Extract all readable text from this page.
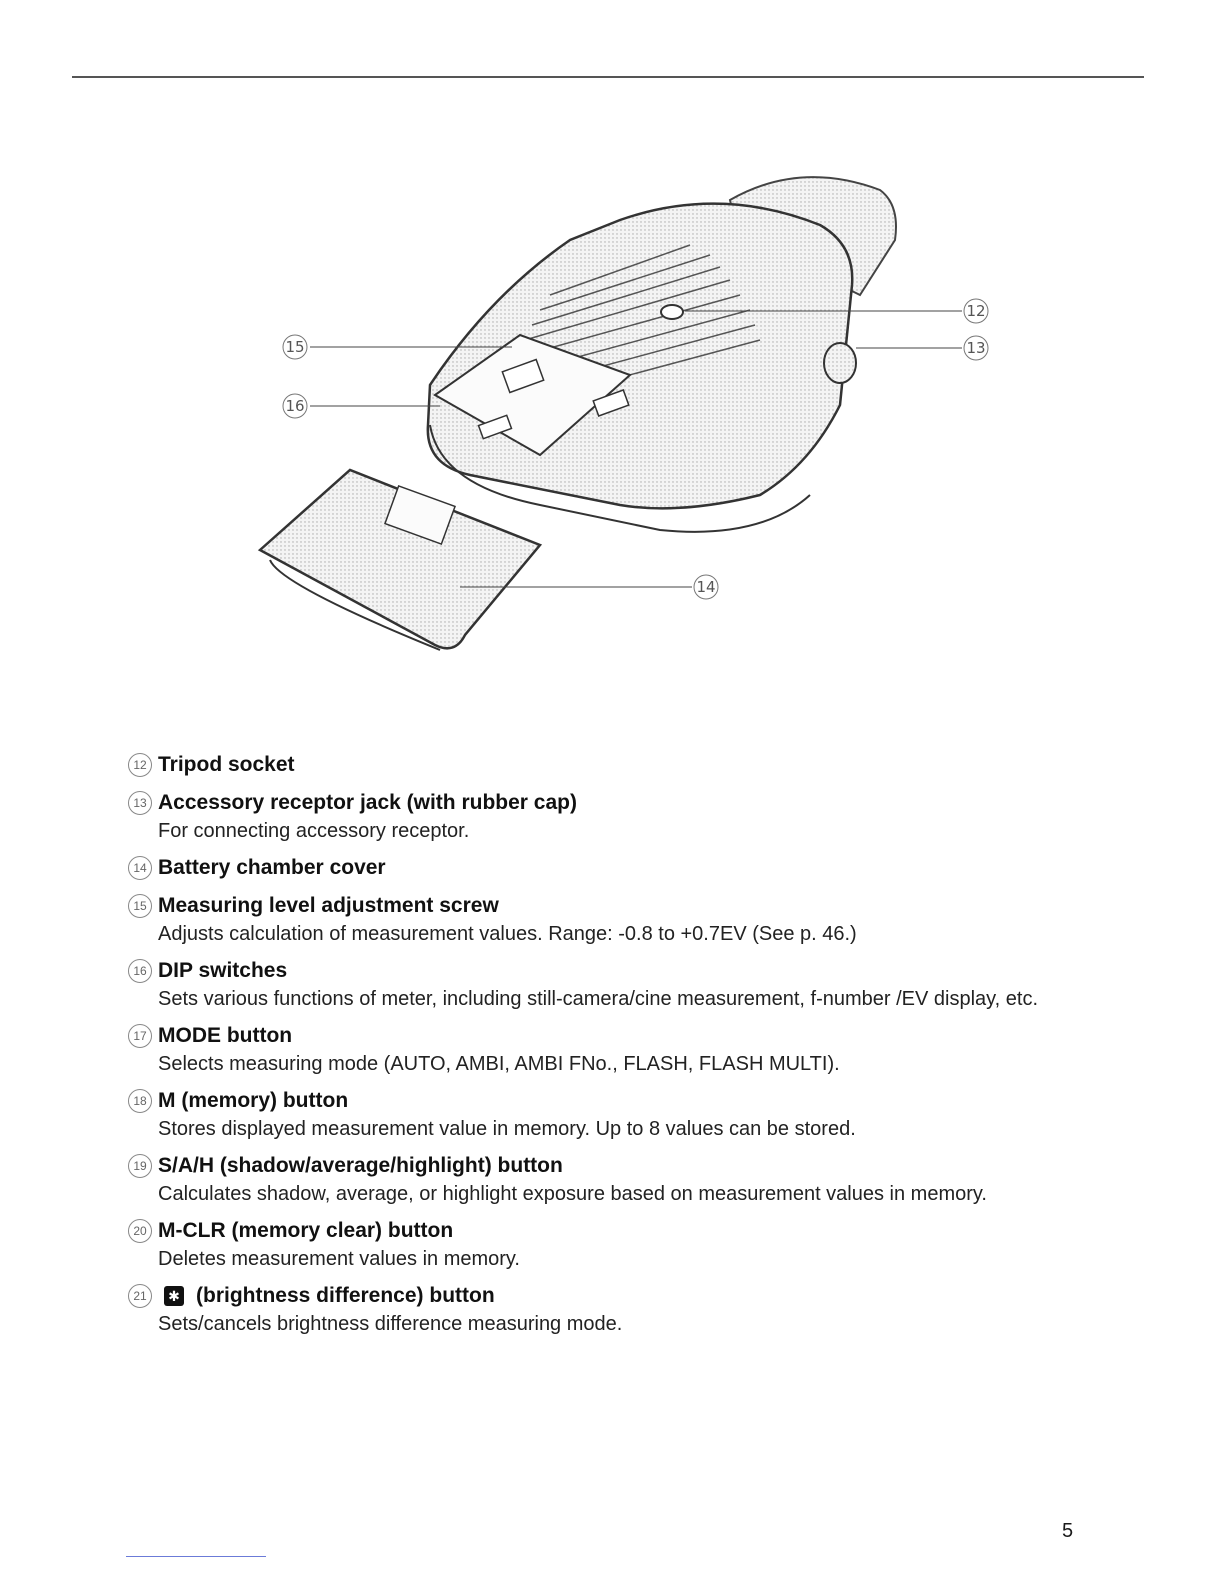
12
13
14
15
16
12 Tripod socket
13 Accessory receptor jack (with rubber cap)
For connecting accessory receptor.
14 Battery chamber cover
15 Measuring level adjustment screw
Adjusts calculation of measurement values. Range: -0.8 to +0.7EV (See p. 46.)
16 DIP switches
Sets various functions of meter, including still-camera/cine measurement, f-number /EV display, etc.
17 MODE button
Selects measuring mode (AUTO, AMBI, AMBI FNo., FLASH, FLASH MULTI).
18 M (memory) button
Stores displayed measurement value in memory. Up to 8 values can be stored.
19 S/A/H (shadow/average/highlight) button
Calculates shadow, average, or highlight exposure based on measurement values in memory.
20 M-CLR (memory clear) button
Deletes measurement values in memory.
21	✱ (brightness difference) button
Sets/cancels brightness difference measuring mode.
5
